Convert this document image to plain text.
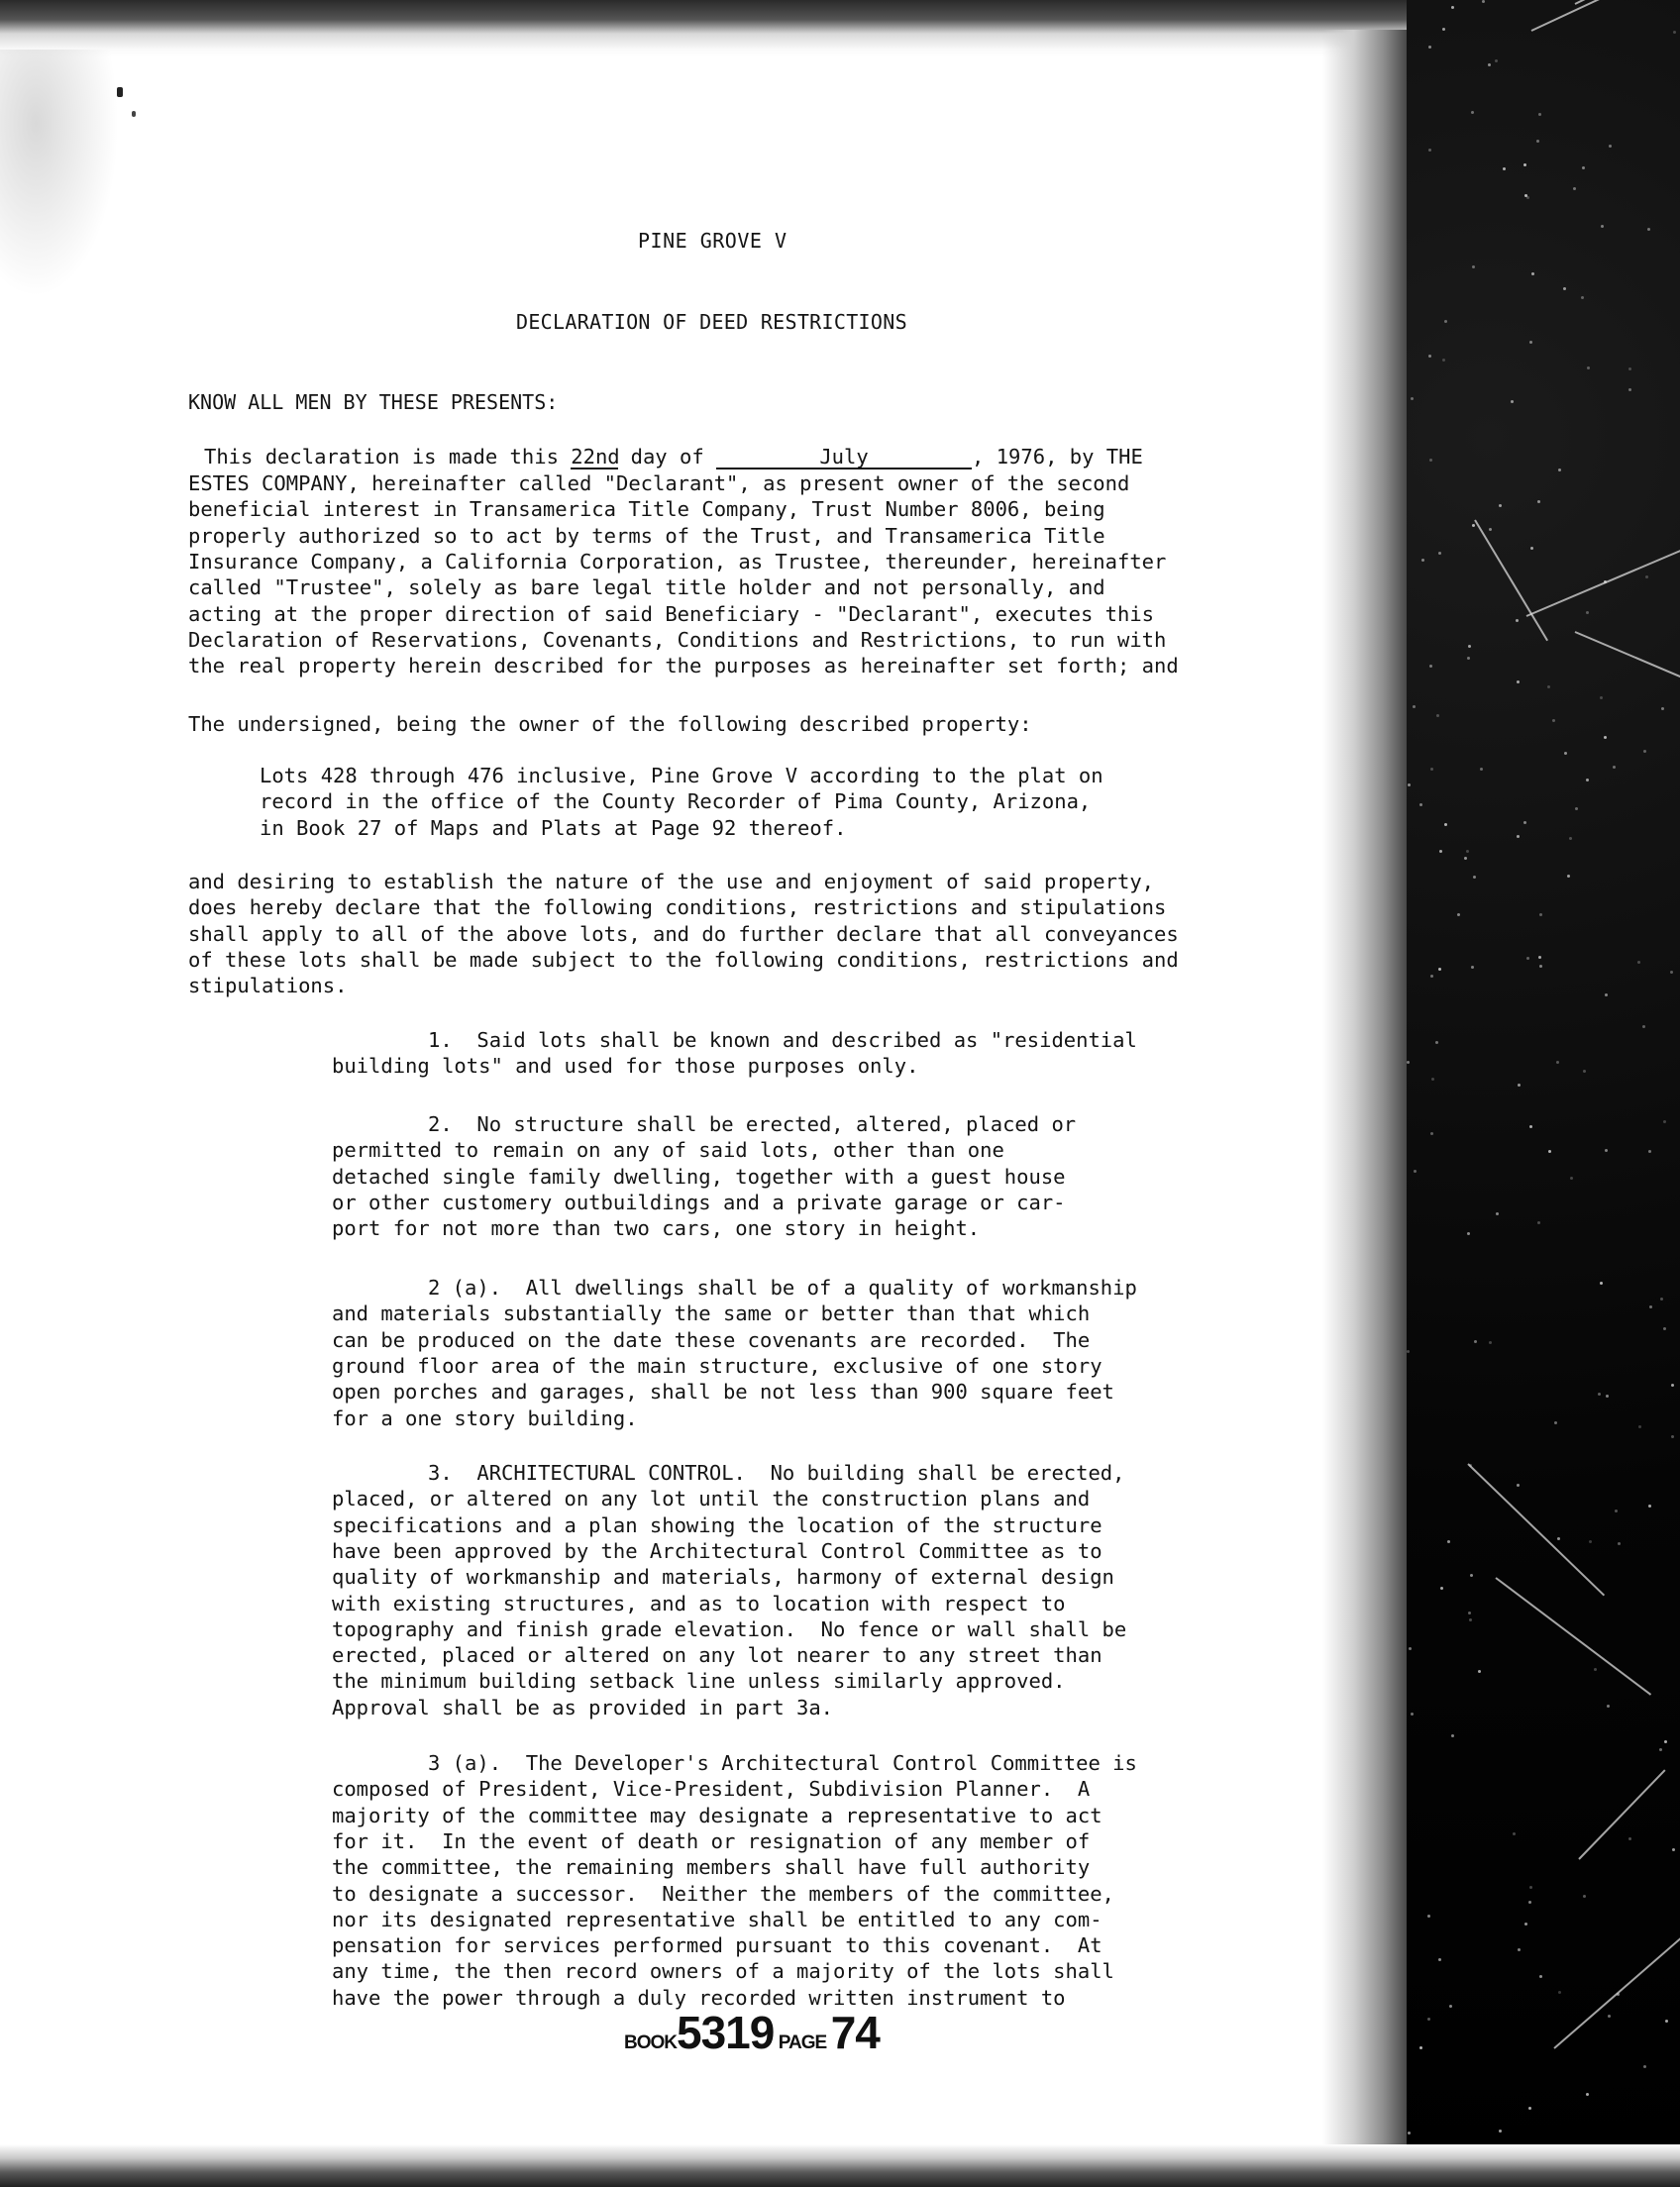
PINE GROVE V
DECLARATION OF DEED RESTRICTIONS
KNOW ALL MEN BY THESE PRESENTS:
This declaration is made this 22nd day of	July	, 1976, by THE
BOOK5319 PAGE 74
ESTES COMPANY, hereinafter called "Declarant", as present owner of the second
beneficial interest in Transamerica Title Company, Trust Number 8006, being
properly authorized so to act by terms of the Trust, and Transamerica Title
Insurance Company, a California Corporation, as Trustee, thereunder, hereinafter
called "Trustee", solely as bare legal title holder and not personally, and
acting at the proper direction of said Beneficiary - "Declarant", executes this
Declaration of Reservations, Covenants, Conditions and Restrictions, to run with
the real property herein described for the purposes as hereinafter set forth; and
The undersigned, being the owner of the following described property:
Lots 428 through 476 inclusive, Pine Grove V according to the plat on
record in the office of the County Recorder of Pima County, Arizona,
in Book 27 of Maps and Plats at Page 92 thereof.
and desiring to establish the nature of the use and enjoyment of said property,
does hereby declare that the following conditions, restrictions and stipulations
shall apply to all of the above lots, and do further declare that all conveyances
of these lots shall be made subject to the following conditions, restrictions and
stipulations.
1.  Said lots shall be known and described as "residential
building lots" and used for those purposes only.
2.  No structure shall be erected, altered, placed or
permitted to remain on any of said lots, other than one
detached single family dwelling, together with a guest house
or other customery outbuildings and a private garage or car-
port for not more than two cars, one story in height.
2 (a).  All dwellings shall be of a quality of workmanship
and materials substantially the same or better than that which
can be produced on the date these covenants are recorded.  The
ground floor area of the main structure, exclusive of one story
open porches and garages, shall be not less than 900 square feet
for a one story building.
3.  ARCHITECTURAL CONTROL.  No building shall be erected,
placed, or altered on any lot until the construction plans and
specifications and a plan showing the location of the structure
have been approved by the Architectural Control Committee as to
quality of workmanship and materials, harmony of external design
with existing structures, and as to location with respect to
topography and finish grade elevation.  No fence or wall shall be
erected, placed or altered on any lot nearer to any street than
the minimum building setback line unless similarly approved.
Approval shall be as provided in part 3a.
3 (a).  The Developer's Architectural Control Committee is
composed of President, Vice-President, Subdivision Planner.  A
majority of the committee may designate a representative to act
for it.  In the event of death or resignation of any member of
the committee, the remaining members shall have full authority
to designate a successor.  Neither the members of the committee,
nor its designated representative shall be entitled to any com-
pensation for services performed pursuant to this covenant.  At
any time, the then record owners of a majority of the lots shall
have the power through a duly recorded written instrument to
